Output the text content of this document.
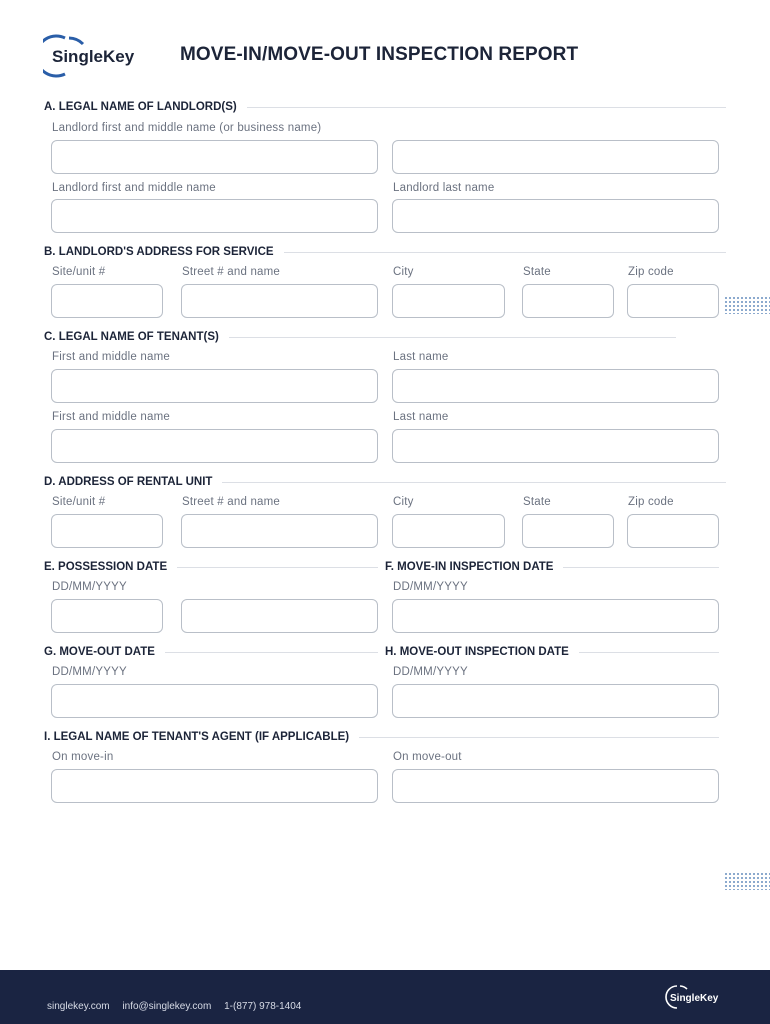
SingleKey MOVE-IN/MOVE-OUT INSPECTION REPORT
A. LEGAL NAME OF LANDLORD(S)
Landlord first and middle name (or business name)
Landlord first and middle name	Landlord last name
B. LANDLORD'S ADDRESS FOR SERVICE
Site/unit #	Street # and name	City	State	Zip code
C. LEGAL NAME OF TENANT(S)
First and middle name	Last name
First and middle name	Last name
D. ADDRESS OF RENTAL UNIT
Site/unit #	Street # and name	City	State	Zip code
E. POSSESSION DATE	F. MOVE-IN INSPECTION DATE
DD/MM/YYYY	DD/MM/YYYY
G. MOVE-OUT DATE	H. MOVE-OUT INSPECTION DATE
DD/MM/YYYY	DD/MM/YYYY
I. LEGAL NAME OF TENANT'S AGENT (IF APPLICABLE)
On move-in	On move-out
singlekey.com info@singlekey.com 1-(877) 978-1404
SingleKey
